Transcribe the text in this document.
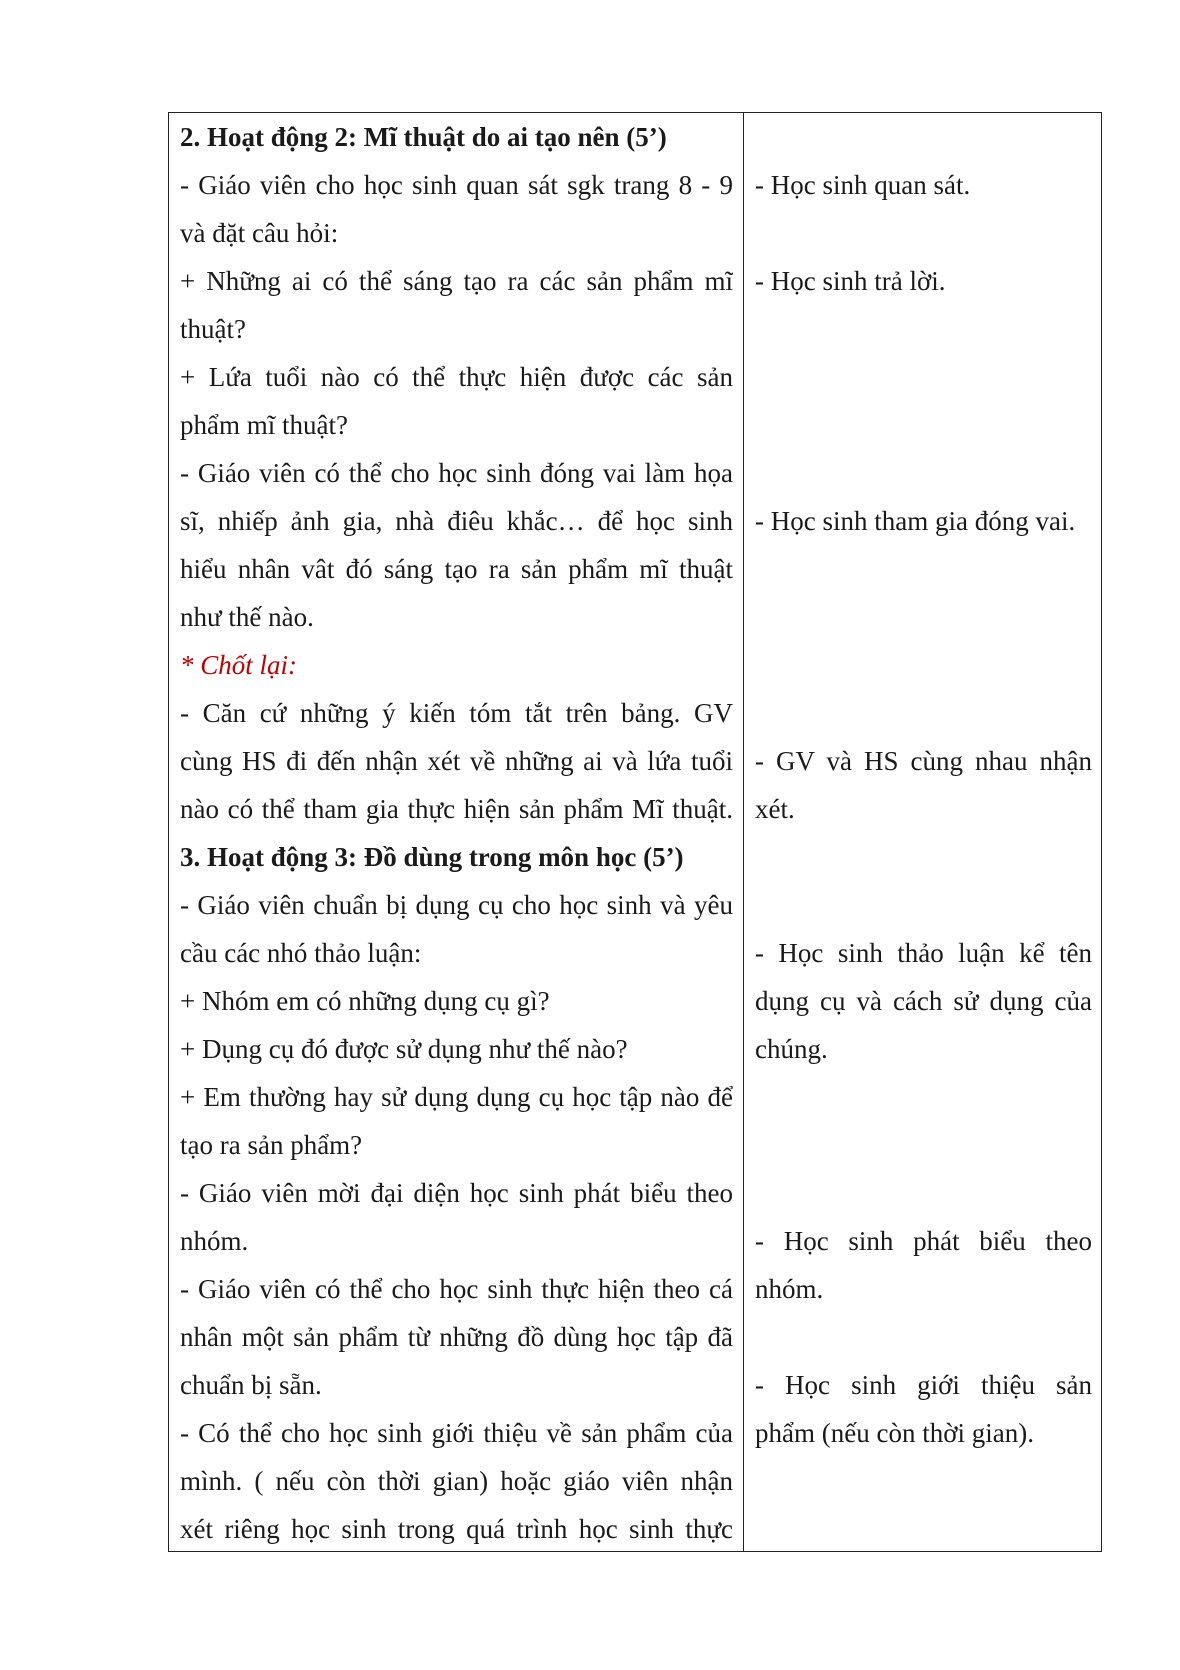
2. Hoạt động 2: Mĩ thuật do ai tạo nên (5’)
- Giáo viên cho học sinh quan sát sgk trang 8 - 9
và đặt câu hỏi:
+ Những ai có thể sáng tạo ra các sản phẩm mĩ
thuật?
+ Lứa tuổi nào có thể thực hiện được các sản
phẩm mĩ thuật?
- Giáo viên có thể cho học sinh đóng vai làm họa
sĩ, nhiếp ảnh gia, nhà điêu khắc… để học sinh
hiểu nhân vât đó sáng tạo ra sản phẩm mĩ thuật
như thế nào.
* Chốt lại:
- Căn cứ những ý kiến tóm tắt trên bảng. GV
cùng HS đi đến nhận xét về những ai và lứa tuổi
nào có thể tham gia thực hiện sản phẩm Mĩ thuật.
3. Hoạt động 3: Đồ dùng trong môn học (5’)
- Giáo viên chuẩn bị dụng cụ cho học sinh và yêu
cầu các nhó thảo luận:
+ Nhóm em có những dụng cụ gì?
+ Dụng cụ đó được sử dụng như thế nào?
+ Em thường hay sử dụng dụng cụ học tập nào để
tạo ra sản phẩm?
- Giáo viên mời đại diện học sinh phát biểu theo
nhóm.
- Giáo viên có thể cho học sinh thực hiện theo cá
nhân một sản phẩm từ những đồ dùng học tập đã
chuẩn bị sẵn.
- Có thể cho học sinh giới thiệu về sản phẩm của
mình. ( nếu còn thời gian) hoặc giáo viên nhận
xét riêng học sinh trong quá trình học sinh thực
- Học sinh quan sát.
- Học sinh trả lời.
- Học sinh tham gia đóng vai.
- GV và HS cùng nhau nhận
xét.
- Học sinh thảo luận kể tên
dụng cụ và cách sử dụng của
chúng.
- Học sinh phát biểu theo
nhóm.
- Học sinh giới thiệu sản
phẩm (nếu còn thời gian).
